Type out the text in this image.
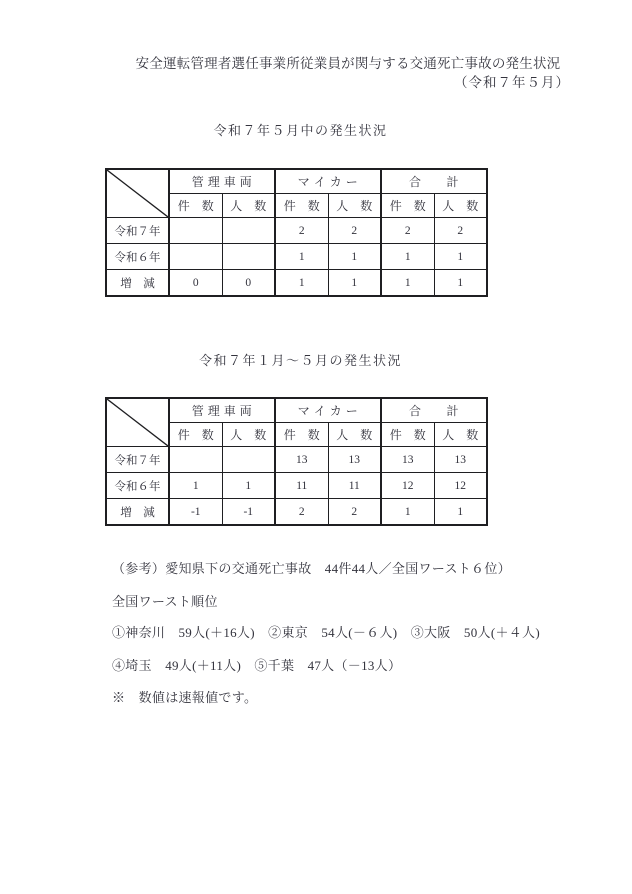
安全運転管理者選任事業所従業員が関与する交通死亡事故の発生状況
（令和７年５月）
令和７年５月中の発生状況
	管 理 車 両		マ イ カ ー		合　　計	
	件　数	人　数	件　数	人　数	件　数	人　数
令和７年			2	2	2	2
令和６年			1	1	1	1
増　減	0	0	1	1	1	1
令和７年１月～５月の発生状況
	管 理 車 両		マ イ カ ー		合　　計	
	件　数	人　数	件　数	人　数	件　数	人　数
令和７年			13	13	13	13
令和６年	1	1	11	11	12	12
増　減	-1	-1	2	2	1	1
（参考）愛知県下の交通死亡事故　44件44人／全国ワースト６位）
全国ワースト順位
①神奈川　59人(＋16人)　②東京　54人(－６人)　③大阪　50人(＋４人)
④埼玉　49人(＋11人)　⑤千葉　47人（－13人）
※　数値は速報値です。
